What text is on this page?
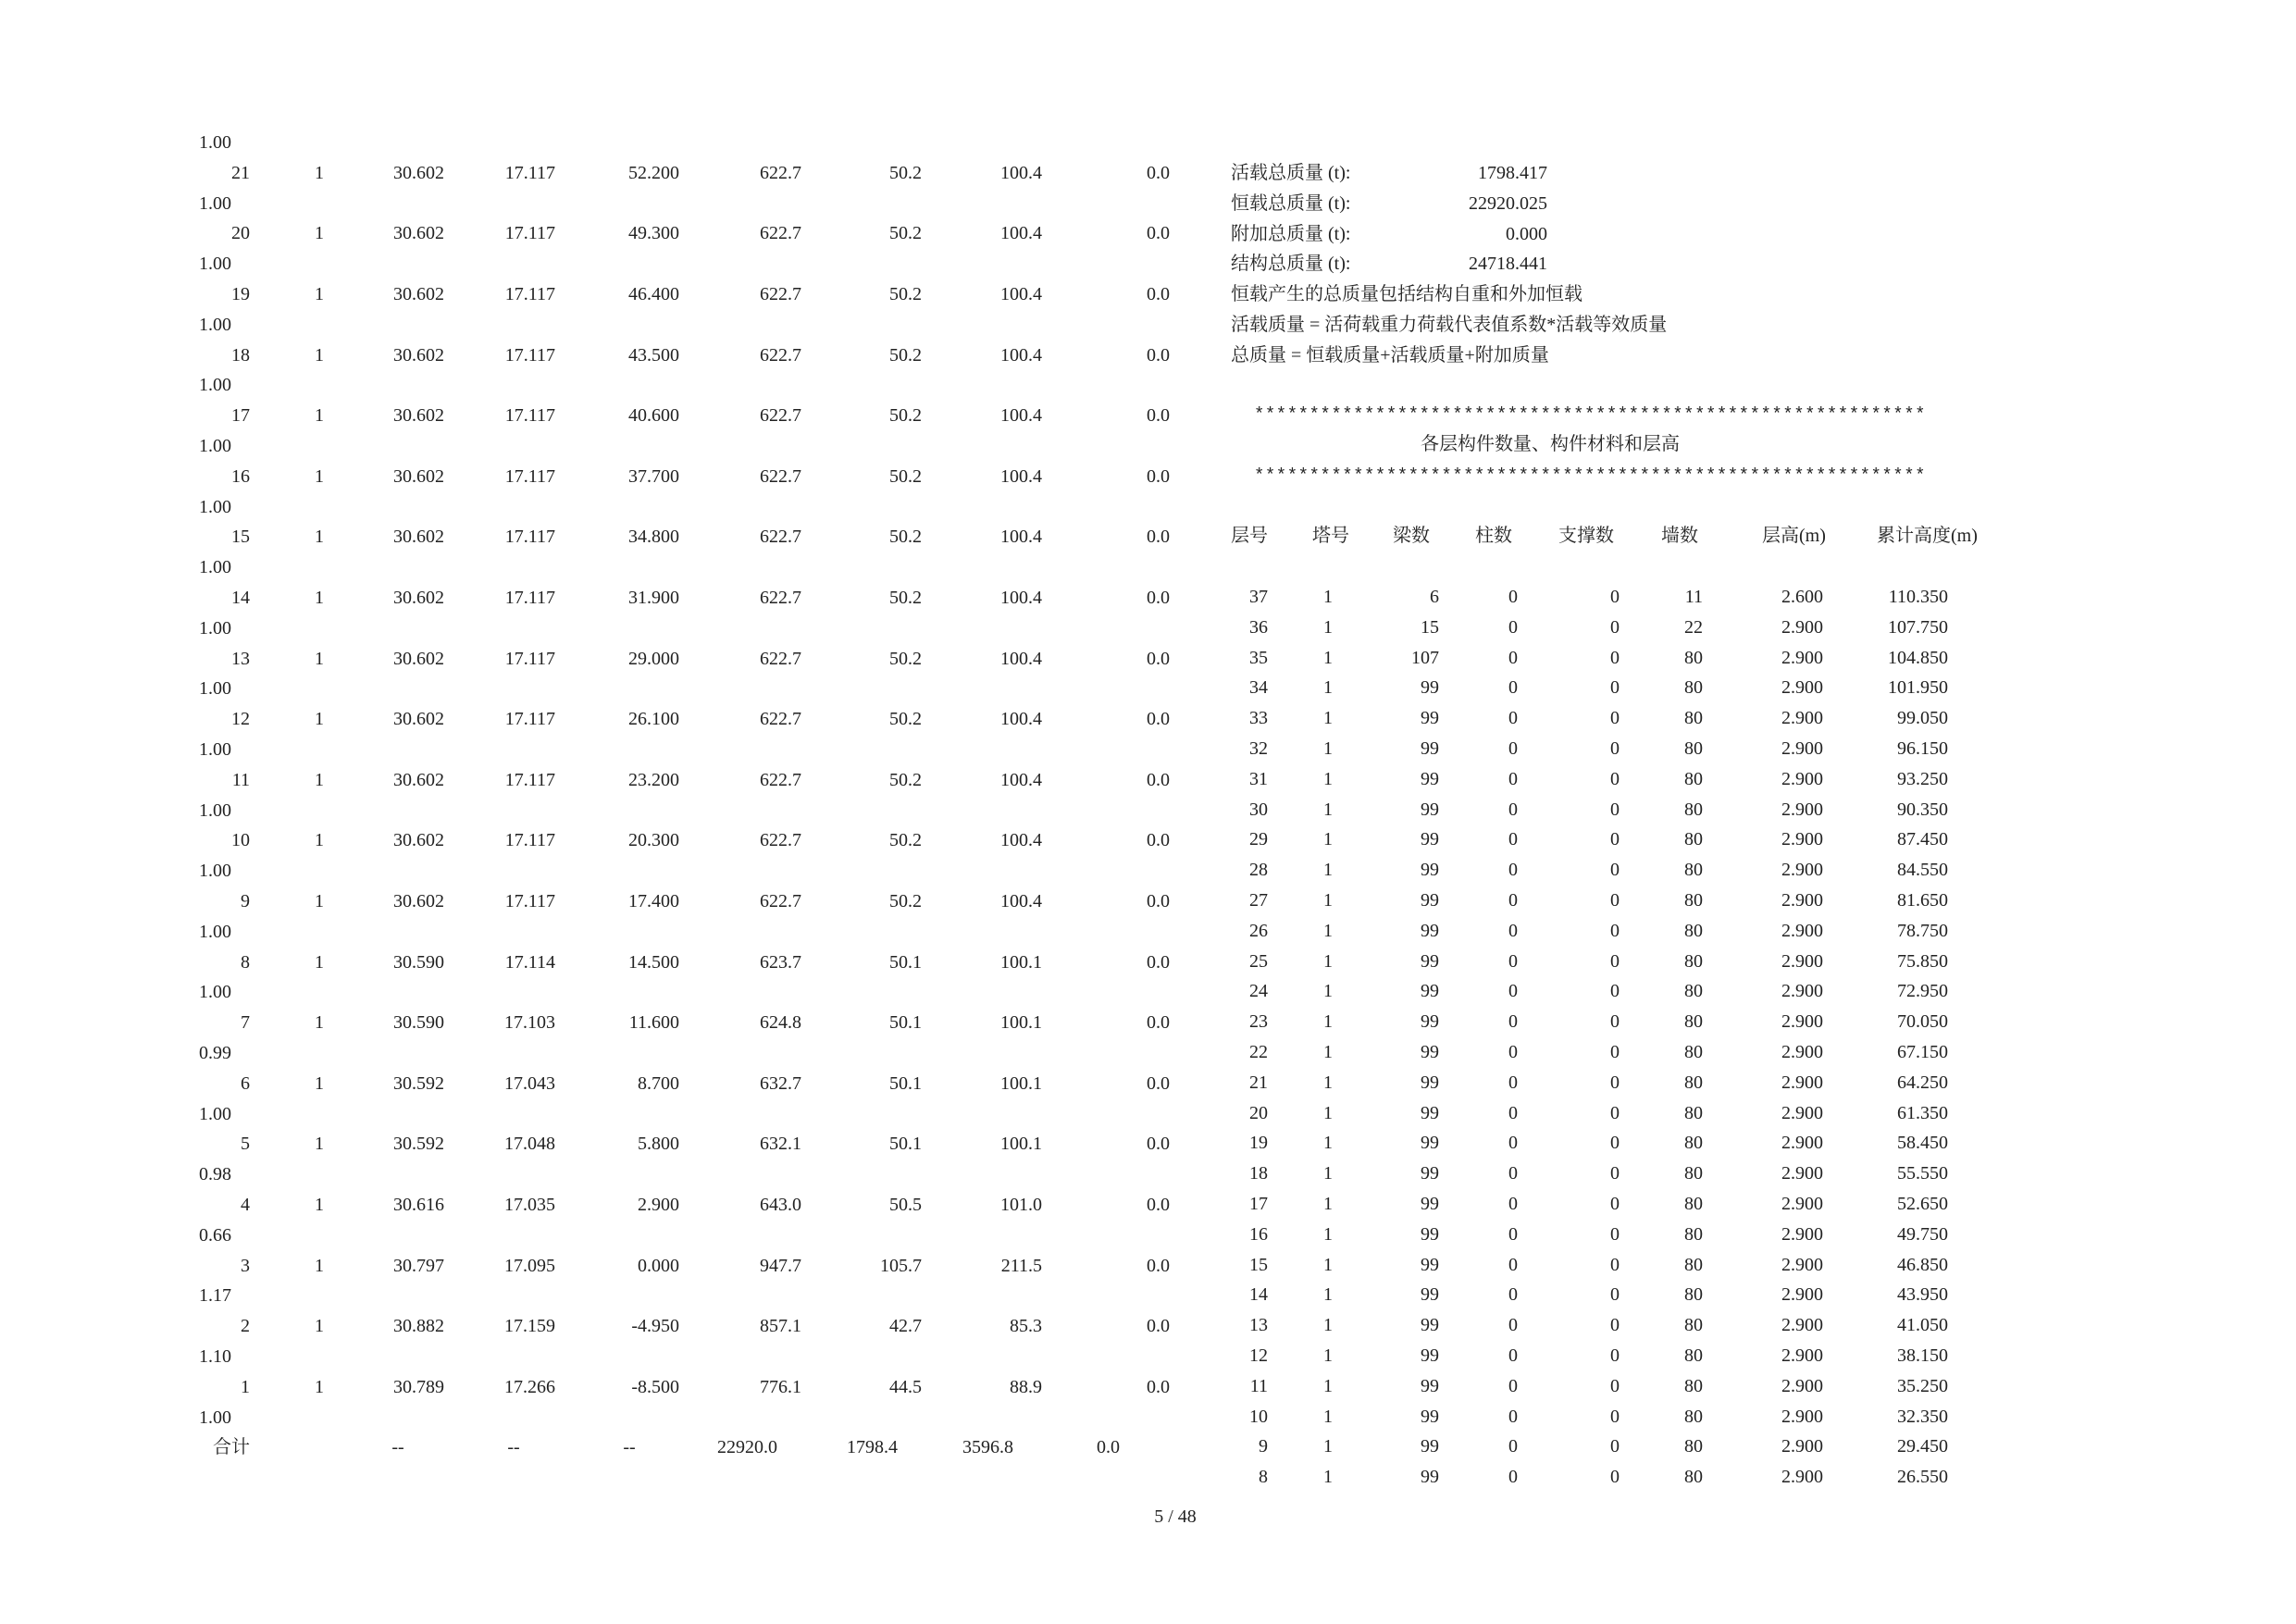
1.00
21	1	30.602	17.117	52.200	622.7	50.2	100.4	0.0
1.00
20	1	30.602	17.117	49.300	622.7	50.2	100.4	0.0
1.00
19	1	30.602	17.117	46.400	622.7	50.2	100.4	0.0
1.00
18	1	30.602	17.117	43.500	622.7	50.2	100.4	0.0
1.00
17	1	30.602	17.117	40.600	622.7	50.2	100.4	0.0
1.00
16	1	30.602	17.117	37.700	622.7	50.2	100.4	0.0
1.00
15	1	30.602	17.117	34.800	622.7	50.2	100.4	0.0
1.00
14	1	30.602	17.117	31.900	622.7	50.2	100.4	0.0
1.00
13	1	30.602	17.117	29.000	622.7	50.2	100.4	0.0
1.00
12	1	30.602	17.117	26.100	622.7	50.2	100.4	0.0
1.00
11	1	30.602	17.117	23.200	622.7	50.2	100.4	0.0
1.00
10	1	30.602	17.117	20.300	622.7	50.2	100.4	0.0
1.00
9	1	30.602	17.117	17.400	622.7	50.2	100.4	0.0
1.00
8	1	30.590	17.114	14.500	623.7	50.1	100.1	0.0
1.00
7	1	30.590	17.103	11.600	624.8	50.1	100.1	0.0
0.99
6	1	30.592	17.043	8.700	632.7	50.1	100.1	0.0
1.00
5	1	30.592	17.048	5.800	632.1	50.1	100.1	0.0
0.98
4	1	30.616	17.035	2.900	643.0	50.5	101.0	0.0
0.66
3	1	30.797	17.095	0.000	947.7	105.7	211.5	0.0
1.17
2	1	30.882	17.159	-4.950	857.1	42.7	85.3	0.0
1.10
1	1	30.789	17.266	-8.500	776.1	44.5	88.9	0.0
1.00
合计	--	--	--	22920.0	1798.4	3596.8	0.0
活载总质量 (t):	1798.417
恒载总质量 (t):	22920.025
附加总质量 (t):	0.000
结构总质量 (t):	24718.441
恒载产生的总质量包括结构自重和外加恒载
活载质量 = 活荷载重力荷载代表值系数*活载等效质量
总质量 = 恒载质量+活载质量+附加质量
*************************************************************
各层构件数量、构件材料和层高
*************************************************************
层号	塔号	梁数	柱数	支撑数	墙数	层高(m)	累计高度(m)
37	1	6	0	0	11	2.600	110.350
36	1	15	0	0	22	2.900	107.750
35	1	107	0	0	80	2.900	104.850
34	1	99	0	0	80	2.900	101.950
33	1	99	0	0	80	2.900	99.050
32	1	99	0	0	80	2.900	96.150
31	1	99	0	0	80	2.900	93.250
30	1	99	0	0	80	2.900	90.350
29	1	99	0	0	80	2.900	87.450
28	1	99	0	0	80	2.900	84.550
27	1	99	0	0	80	2.900	81.650
26	1	99	0	0	80	2.900	78.750
25	1	99	0	0	80	2.900	75.850
24	1	99	0	0	80	2.900	72.950
23	1	99	0	0	80	2.900	70.050
22	1	99	0	0	80	2.900	67.150
21	1	99	0	0	80	2.900	64.250
20	1	99	0	0	80	2.900	61.350
19	1	99	0	0	80	2.900	58.450
18	1	99	0	0	80	2.900	55.550
17	1	99	0	0	80	2.900	52.650
16	1	99	0	0	80	2.900	49.750
15	1	99	0	0	80	2.900	46.850
14	1	99	0	0	80	2.900	43.950
13	1	99	0	0	80	2.900	41.050
12	1	99	0	0	80	2.900	38.150
11	1	99	0	0	80	2.900	35.250
10	1	99	0	0	80	2.900	32.350
9	1	99	0	0	80	2.900	29.450
8	1	99	0	0	80	2.900	26.550
5 / 48
